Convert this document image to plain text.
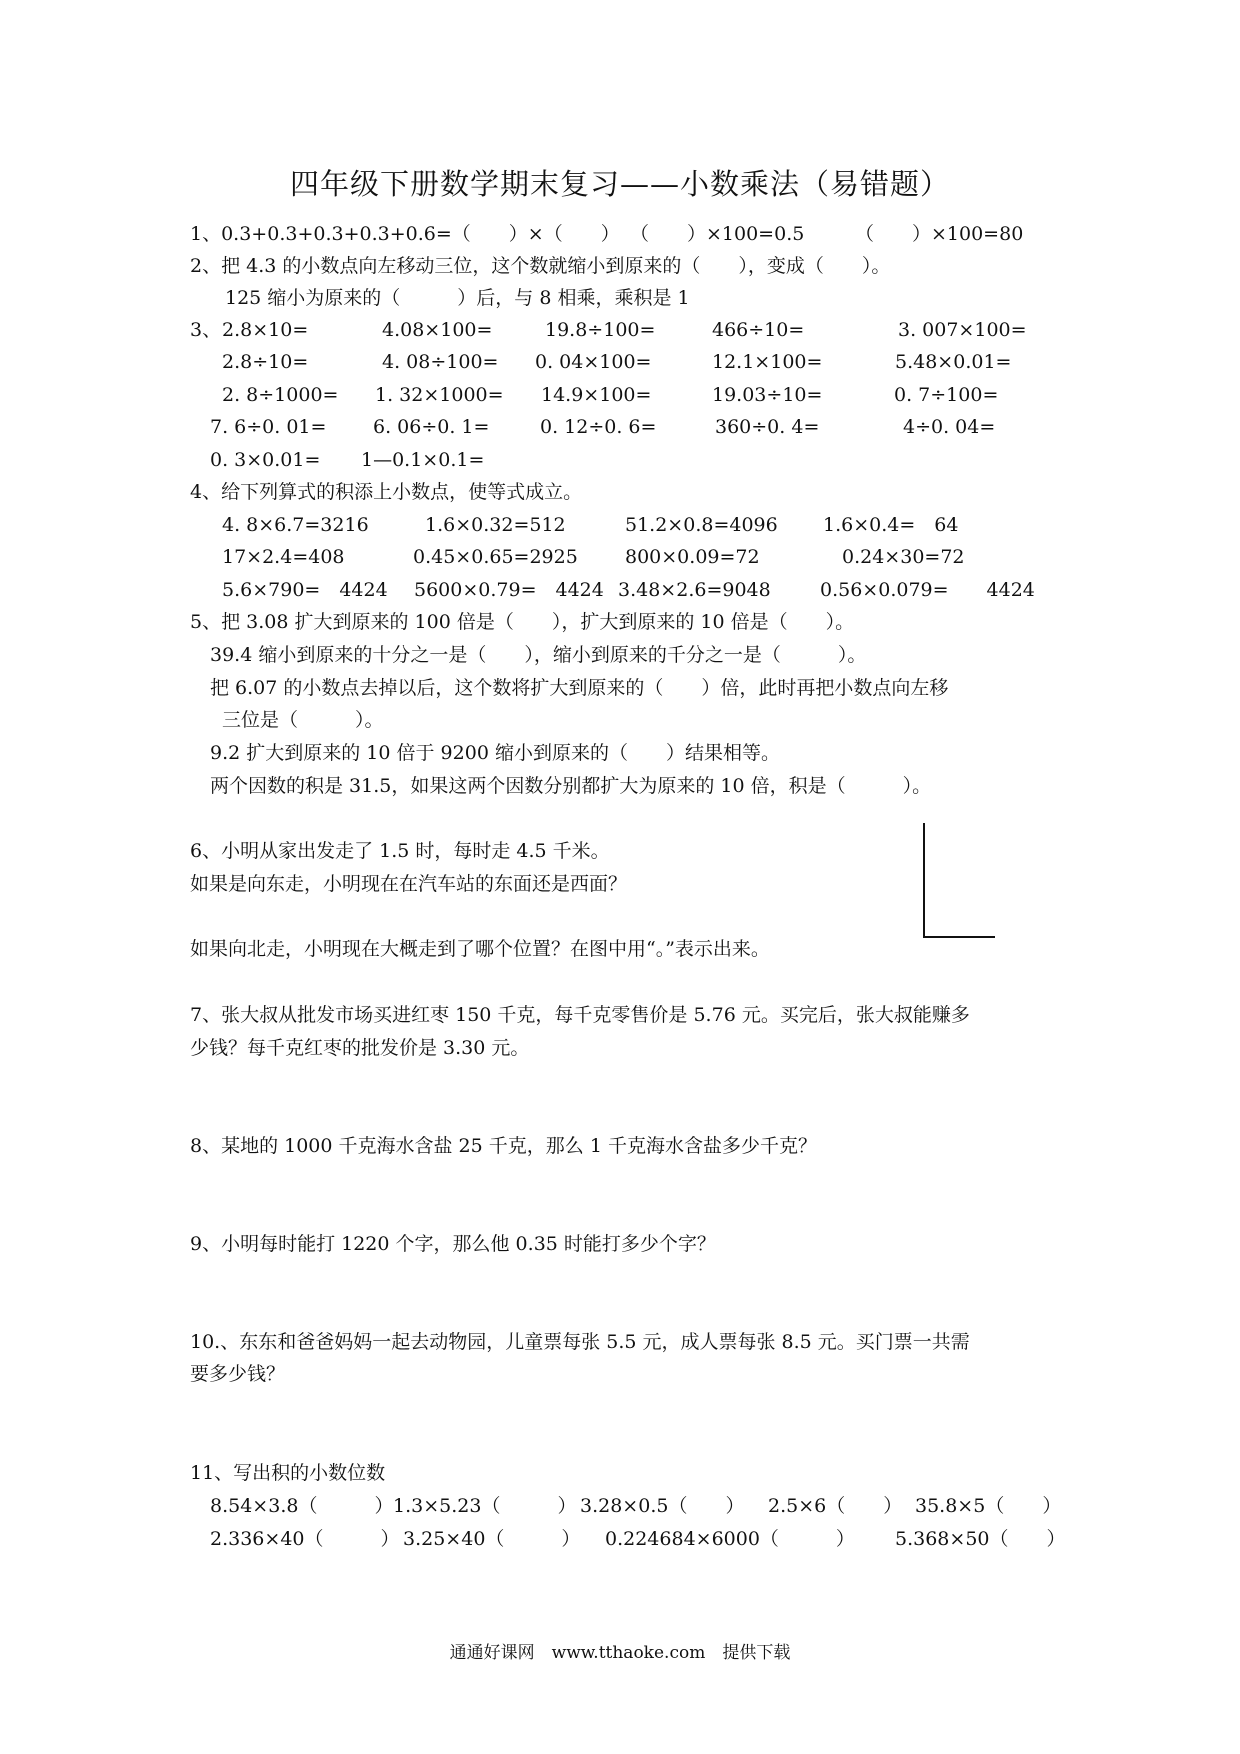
四年级下册数学期末复习——小数乘法（易错题）
1、0.3+0.3+0.3+0.3+0.6=（　　）×（　　） （　　）×100=0.5	（　　）×100=80
2、把 4.3 的小数点向左移动三位，这个数就缩小到原来的（　　），变成（　　）。
125 缩小为原来的（　　　）后，与 8 相乘，乘积是 1
3、 2.8×10=	4.08×100=	19.8÷100=	466÷10=	3. 007×100=
2.8÷10=	4. 08÷100= 0. 04×100=	12.1×100=	5.48×0.01=
2. 8÷1000= 1. 32×1000= 14.9×100=	19.03÷10=	0. 7÷100=
7. 6÷0. 01= 6. 06÷0. 1=	0. 12÷0. 6=	360÷0. 4=	4÷0. 04=
0. 3×0.01= 1—0.1×0.1=
4、给下列算式的积添上小数点，使等式成立。
4. 8×6.7=3216	1.6×0.32=512	51.2×0.8=4096 1.6×0.4=　64
17×2.4=408	0.45×0.65=2925 800×0.09=72	0.24×30=72
5.6×790=　4424 5600×0.79=　4424 3.48×2.6=9048	0.56×0.079=　　4424
5、把 3.08 扩大到原来的 100 倍是（　　），扩大到原来的 10 倍是（　　）。
39.4 缩小到原来的十分之一是（　　），缩小到原来的千分之一是（　　　）。
把 6.07 的小数点去掉以后，这个数将扩大到原来的（　　）倍，此时再把小数点向左移
三位是（　　　）。
9.2 扩大到原来的 10 倍于 9200 缩小到原来的（　　）结果相等。
两个因数的积是 31.5，如果这两个因数分别都扩大为原来的 10 倍，积是（　　　）。
6、小明从家出发走了 1.5 时，每时走 4.5 千米。
如果是向东走，小明现在在汽车站的东面还是西面？
如果向北走，小明现在大概走到了哪个位置？在图中用“。”表示出来。
7、张大叔从批发市场买进红枣 150 千克，每千克零售价是 5.76 元。买完后，张大叔能赚多
少钱？每千克红枣的批发价是 3.30 元。
8、某地的 1000 千克海水含盐 25 千克，那么 1 千克海水含盐多少千克？
9、小明每时能打 1220 个字，那么他 0.35 时能打多少个字？
10.、东东和爸爸妈妈一起去动物园，儿童票每张 5.5 元，成人票每张 8.5 元。买门票一共需
要多少钱？
11、写出积的小数位数
8.54×3.8（　　　） 1.3×5.23（　　　） 3.28×0.5（　　） 2.5×6（　　） 35.8×5（　　）
2.336×40（　　　） 3.25×40（　　　） 0.224684×6000（　　　） 5.368×50（　　）
通通好课网　www.tthaoke.com　提供下载
